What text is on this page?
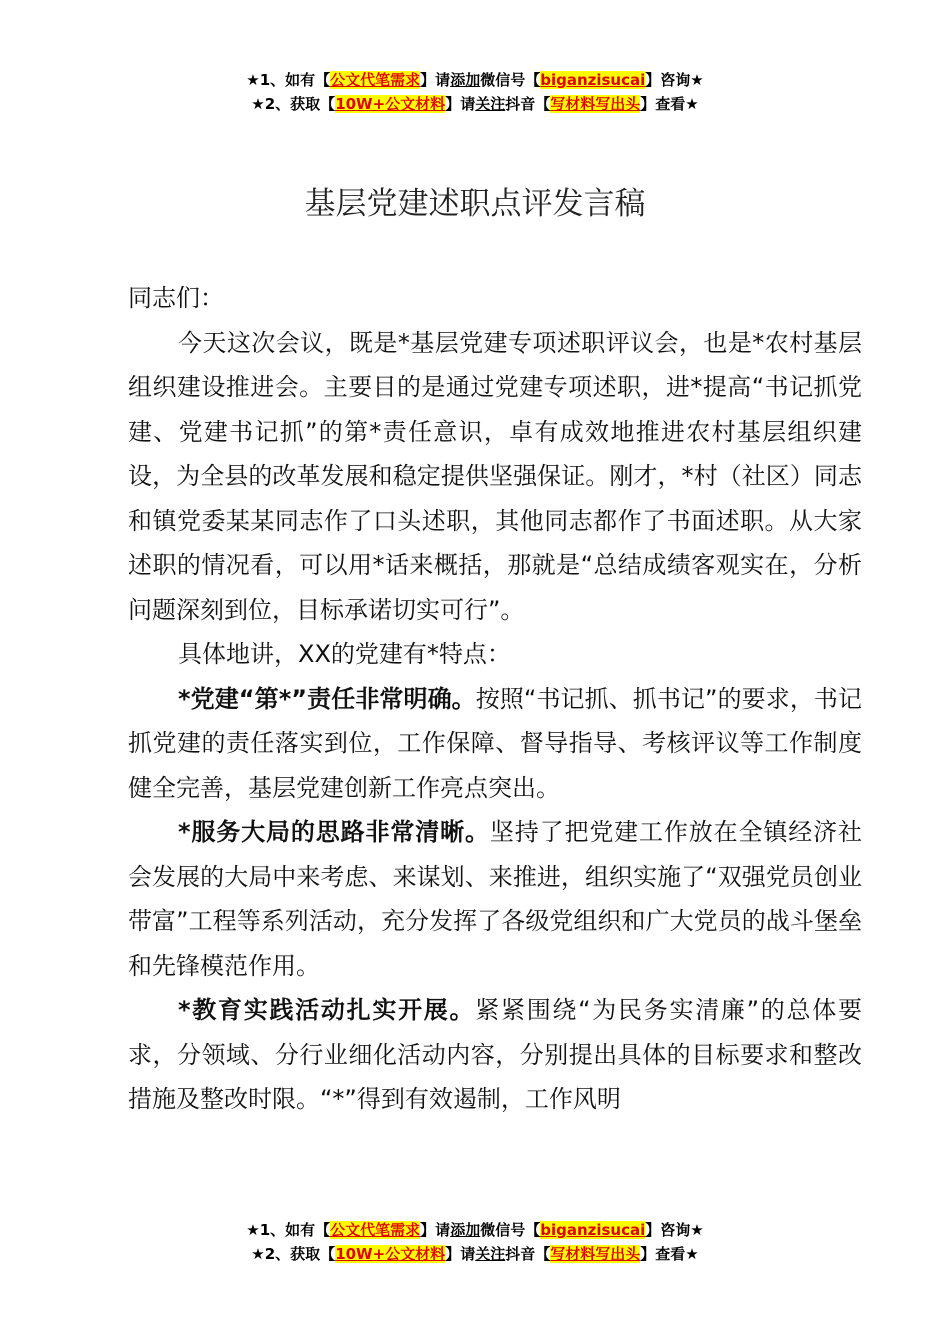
★1、如有【公文代笔需求】请添加微信号【biganzisucai】咨询★
★2、获取【10W+公文材料】请关注抖音【写材料写出头】查看★
基层党建述职点评发言稿

同志们：

今天这次会议，既是*基层党建专项述职评议会，也是*农村基层组织建设推进会。主要目的是通过党建专项述职，进*提高“书记抓党建、党建书记抓”的第*责任意识，卓有成效地推进农村基层组织建设，为全县的改革发展和稳定提供坚强保证。刚才，*村（社区）同志和镇党委某某同志作了口头述职，其他同志都作了书面述职。从大家述职的情况看，可以用*话来概括，那就是“总结成绩客观实在，分析问题深刻到位，目标承诺切实可行”。

具体地讲，XX的党建有*特点：

*党建“第*”责任非常明确。按照“书记抓、抓书记”的要求，书记抓党建的责任落实到位，工作保障、督导指导、考核评议等工作制度健全完善，基层党建创新工作亮点突出。

*服务大局的思路非常清晰。坚持了把党建工作放在全镇经济社会发展的大局中来考虑、来谋划、来推进，组织实施了“双强党员创业带富”工程等系列活动，充分发挥了各级党组织和广大党员的战斗堡垒和先锋模范作用。

*教育实践活动扎实开展。紧紧围绕“为民务实清廉”的总体要求，分领域、分行业细化活动内容，分别提出具体的目标要求和整改措施及整改时限。“*”得到有效遏制，工作风明

★1、如有【公文代笔需求】请添加微信号【biganzisucai】咨询★
★2、获取【10W+公文材料】请关注抖音【写材料写出头】查看★
